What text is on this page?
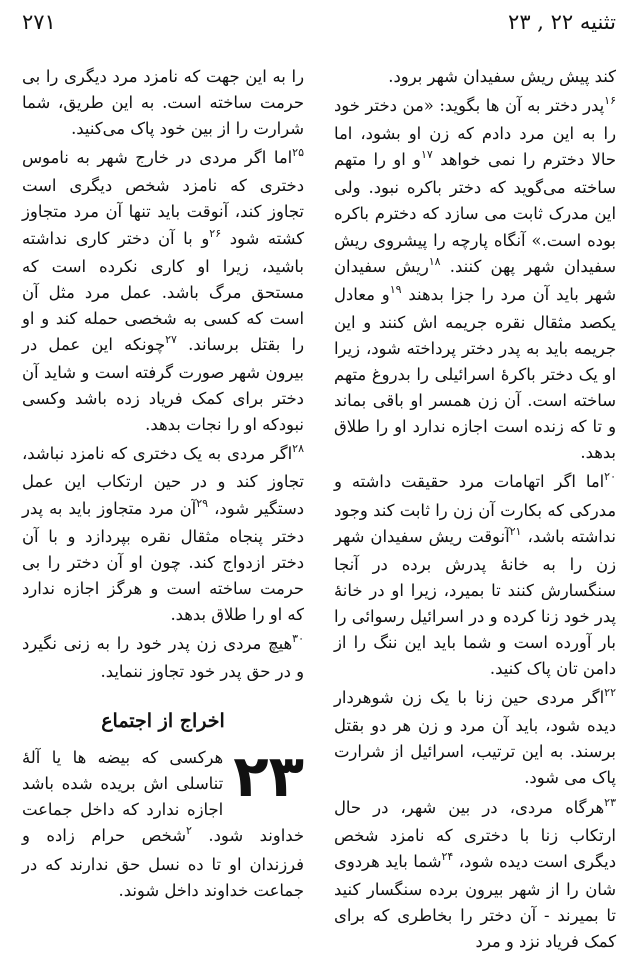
تثنیه ۲۲ , ۲۳
۲۷۱

کند پیش ریش سفیدان شهر برود.

$^{۱۶}$پدر دختر به آن ها بگوید: «من دختر خود را به این مرد دادم که زن او بشود، اما حالا دخترم را نمی خواهد $^{۱۷}$و او را متهم ساخته می‌گوید که دختر باکره نبود. ولی این مدرک ثابت می سازد که دخترم باکره بوده است.» آنگاه پارچه را پیشروی ریش سفیدان شهر پهن کنند. $^{۱۸}$ریش سفیدان شهر باید آن مرد را جزا بدهند $^{۱۹}$و معادل یکصد مثقال نقره جریمه اش کنند و این جریمه باید به پدر دختر پرداخته شود، زیرا او یک دختر باکرۀ اسرائیلی را بدروغ متهم ساخته است. آن زن همسر او باقی بماند و تا که زنده است اجازه ندارد او را طلاق بدهد.

$^{۲۰}$اما اگر اتهامات مرد حقیقت داشته و مدرکی که بکارت آن زن را ثابت کند وجود نداشته باشد، $^{۲۱}$آنوقت ریش سفیدان شهر زن را به خانۀ پدرش برده در آنجا سنگسارش کنند تا بمیرد، زیرا او در خانۀ پدر خود زنا کرده و در اسرائیل رسوائی را بار آورده است و شما باید این ننگ را از دامن تان پاک کنید.

$^{۲۲}$اگر مردی حین زنا با یک زن شوهردار دیده شود، باید آن مرد و زن هر دو بقتل برسند. به این ترتیب، اسرائیل از شرارت پاک می شود.

$^{۲۳}$هرگاه مردی، در بین شهر، در حال ارتکاب زنا با دختری که نامزد شخص دیگری است دیده شود، $^{۲۴}$شما باید هردوی شان را از شهر بیرون برده سنگسار کنید تا بمیرند - آن دختر را بخاطری که برای کمک فریاد نزد و مرد

را به این جهت که نامزد مرد دیگری را بی حرمت ساخته است. به این طریق، شما شرارت را از بین خود پاک می‌کنید.

$^{۲۵}$اما اگر مردی در خارج شهر به ناموس دختری که نامزد شخص دیگری است تجاوز کند، آنوقت باید تنها آن مرد متجاوز کشته شود $^{۲۶}$و با آن دختر کاری نداشته باشید، زیرا او کاری نکرده است که مستحق مرگ باشد. عمل مرد مثل آن است که کسی به شخصی حمله کند و او را بقتل برساند. $^{۲۷}$چونکه این عمل در بیرون شهر صورت گرفته است و شاید آن دختر برای کمک فریاد زده باشد وکسی نبودکه او را نجات بدهد.

$^{۲۸}$اگر مردی به یک دختری که نامزد نباشد، تجاوز کند و در حین ارتکاب این عمل دستگیر شود، $^{۲۹}$آن مرد متجاوز باید به پدر دختر پنجاه مثقال نقره بپردازد و با آن دختر ازدواج کند. چون او آن دختر را بی حرمت ساخته است و هرگز اجازه ندارد که او را طلاق بدهد.

$^{۳۰}$هیچ مردی زن پدر خود را به زنی نگیرد و در حق پدر خود تجاوز ننماید.

اخراج از اجتماع
۲۳

هرکسی که بیضه ها یا آلۀ تناسلی اش بریده شده باشد اجازه ندارد که داخل جماعت خداوند شود. $^۲$شخص حرام زاده و فرزندان او تا ده نسل حق ندارند که در جماعت خداوند داخل شوند.
